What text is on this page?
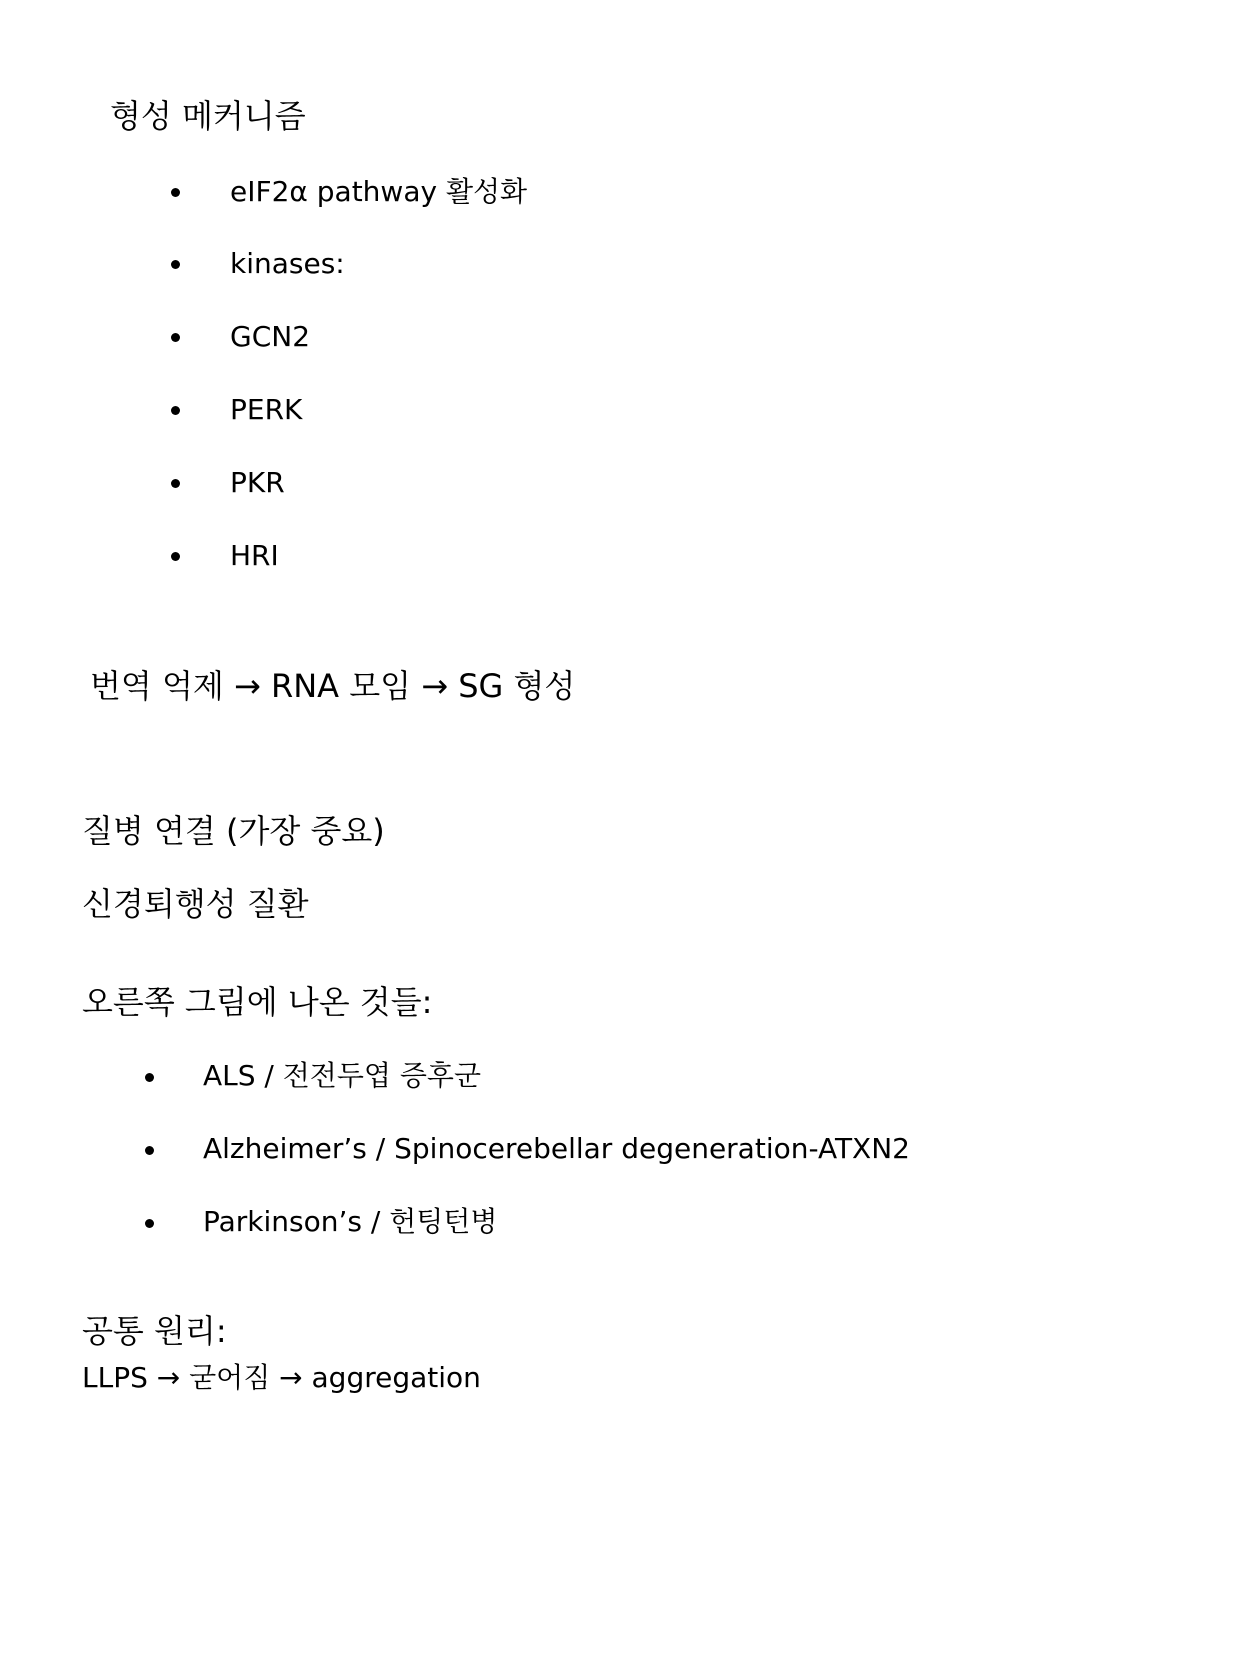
형성 메커니즘
eIF2α pathway 활성화
kinases:
GCN2
PERK
PKR
HRI
번역 억제 → RNA 모임 → SG 형성
질병 연결 (가장 중요)
신경퇴행성 질환
오른쪽 그림에 나온 것들:
ALS / 전전두엽 증후군
Alzheimer’s / Spinocerebellar degeneration-ATXN2
Parkinson’s / 헌팅턴병
공통 원리:
LLPS → 굳어짐 → aggregation
